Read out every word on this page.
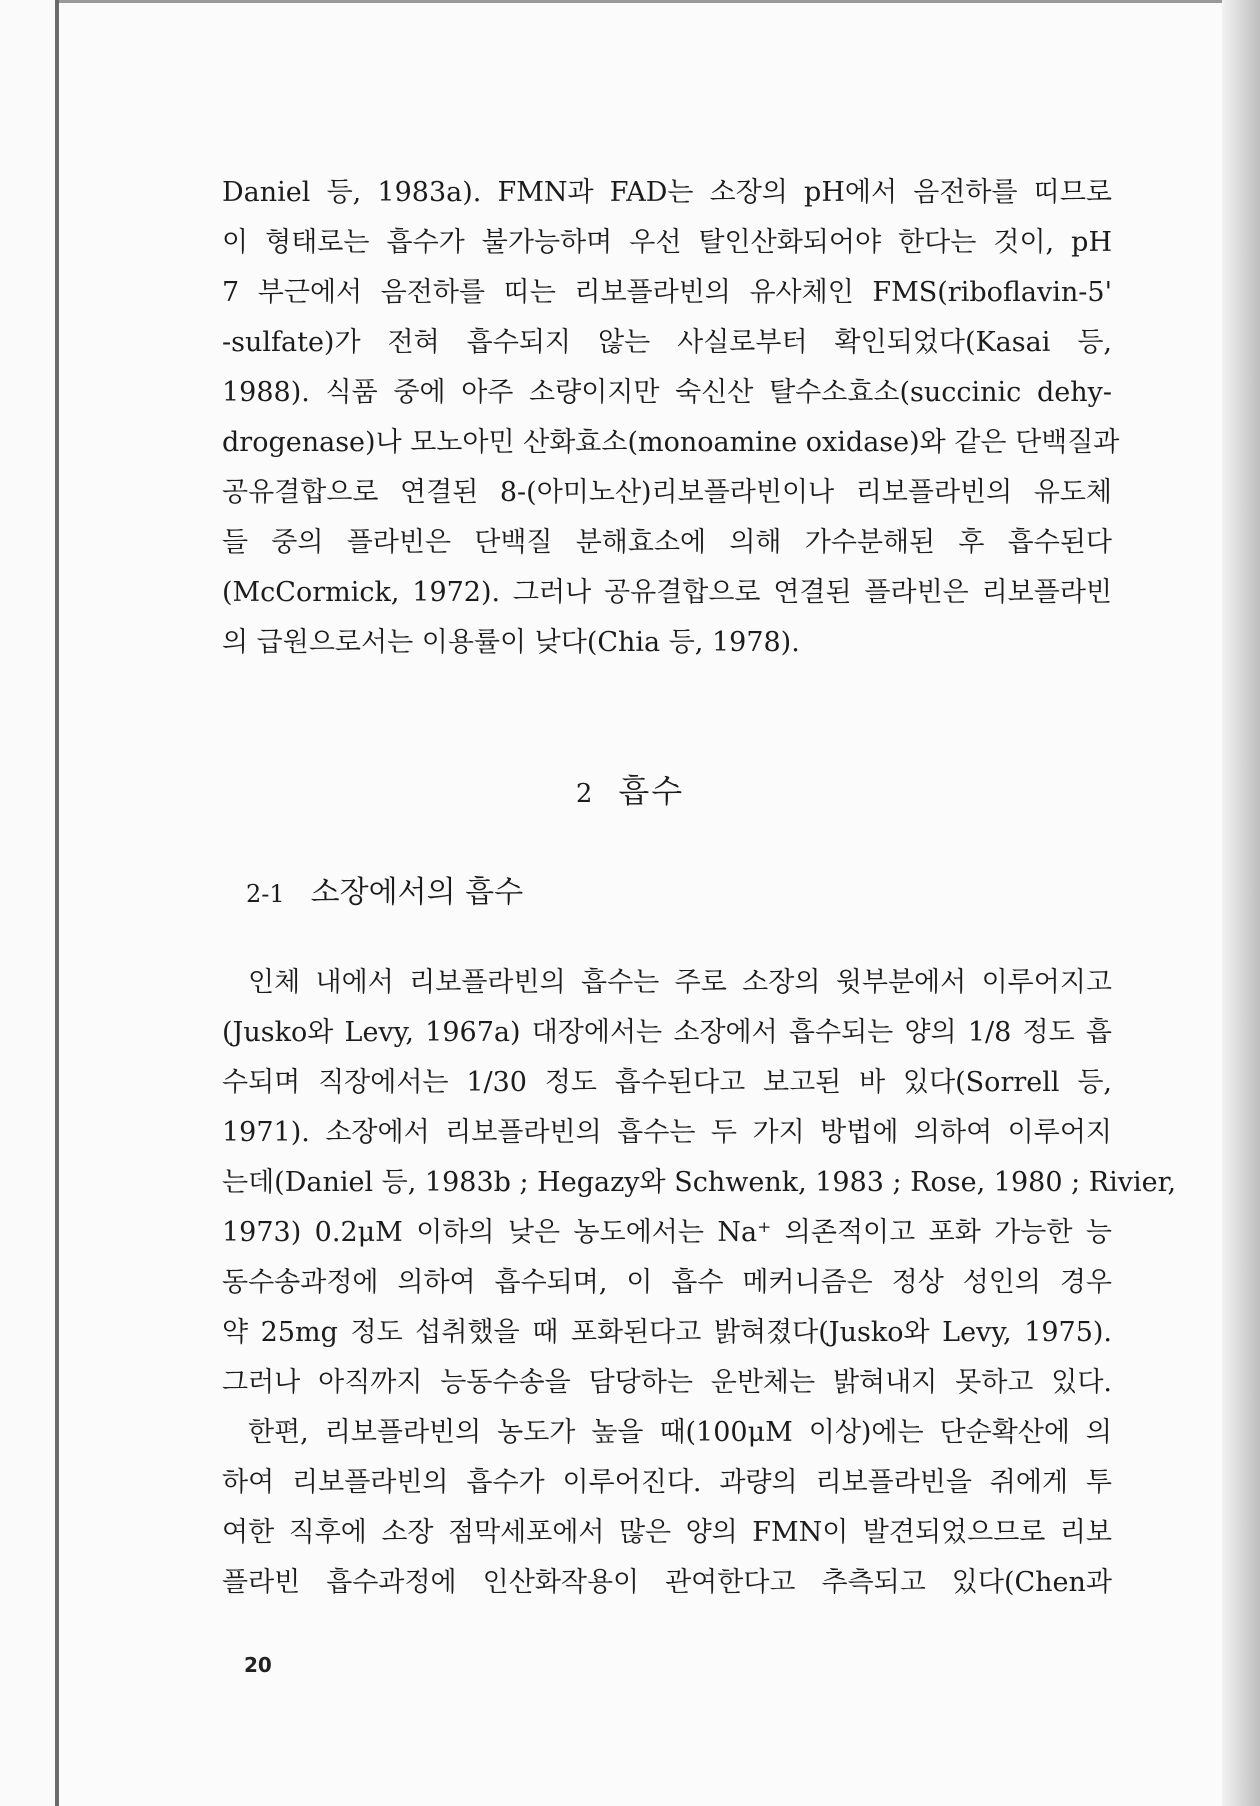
Daniel 등, 1983a). FMN과 FAD는 소장의 pH에서 음전하를 띠므로
이 형태로는 흡수가 불가능하며 우선 탈인산화되어야 한다는 것이, pH
7 부근에서 음전하를 띠는 리보플라빈의 유사체인 FMS(riboflavin-5'
-sulfate)가 전혀 흡수되지 않는 사실로부터 확인되었다(Kasai 등,
1988). 식품 중에 아주 소량이지만 숙신산 탈수소효소(succinic dehy-
drogenase)나 모노아민 산화효소(monoamine oxidase)와 같은 단백질과
공유결합으로 연결된 8-(아미노산)리보플라빈이나 리보플라빈의 유도체
들 중의 플라빈은 단백질 분해효소에 의해 가수분해된 후 흡수된다
(McCormick, 1972). 그러나 공유결합으로 연결된 플라빈은 리보플라빈
의 급원으로서는 이용률이 낮다(Chia 등, 1978).
2 흡수
2-1 소장에서의 흡수
인체 내에서 리보플라빈의 흡수는 주로 소장의 윗부분에서 이루어지고
(Jusko와 Levy, 1967a) 대장에서는 소장에서 흡수되는 양의 1/8 정도 흡
수되며 직장에서는 1/30 정도 흡수된다고 보고된 바 있다(Sorrell 등,
1971). 소장에서 리보플라빈의 흡수는 두 가지 방법에 의하여 이루어지
는데(Daniel 등, 1983b ; Hegazy와 Schwenk, 1983 ; Rose, 1980 ; Rivier,
1973) 0.2μM 이하의 낮은 농도에서는 Na⁺ 의존적이고 포화 가능한 능
동수송과정에 의하여 흡수되며, 이 흡수 메커니즘은 정상 성인의 경우
약 25mg 정도 섭취했을 때 포화된다고 밝혀졌다(Jusko와 Levy, 1975).
그러나 아직까지 능동수송을 담당하는 운반체는 밝혀내지 못하고 있다.
한편, 리보플라빈의 농도가 높을 때(100μM 이상)에는 단순확산에 의
하여 리보플라빈의 흡수가 이루어진다. 과량의 리보플라빈을 쥐에게 투
여한 직후에 소장 점막세포에서 많은 양의 FMN이 발견되었으므로 리보
플라빈 흡수과정에 인산화작용이 관여한다고 추측되고 있다(Chen과
20
